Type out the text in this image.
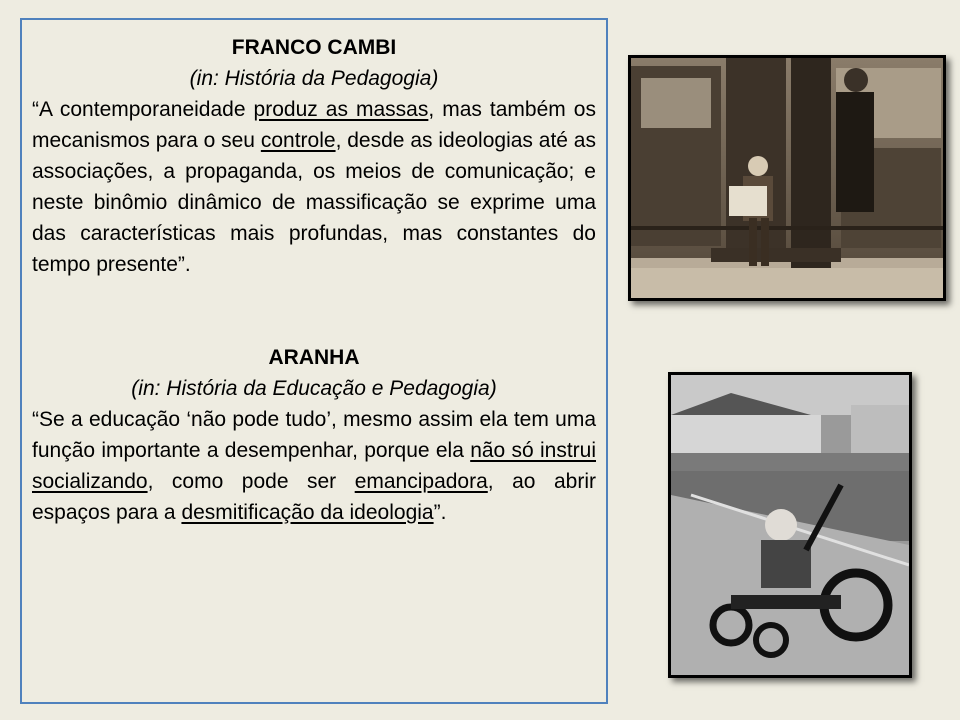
FRANCO CAMBI
(in: História da Pedagogia)
“A contemporaneidade produz as massas, mas também os mecanismos para o seu controle, desde as ideologias até as associações, a propaganda, os meios de comunicação; e neste binômio dinâmico de massificação se exprime uma das características mais profundas, mas constantes do tempo presente”.
ARANHA
(in: História da Educação e Pedagogia)
“Se a educação ‘não pode tudo’, mesmo assim ela tem uma função importante a desempenhar, porque ela não só instrui socializando, como pode ser emancipadora, ao abrir espaços para a desmitificação da ideologia”.
